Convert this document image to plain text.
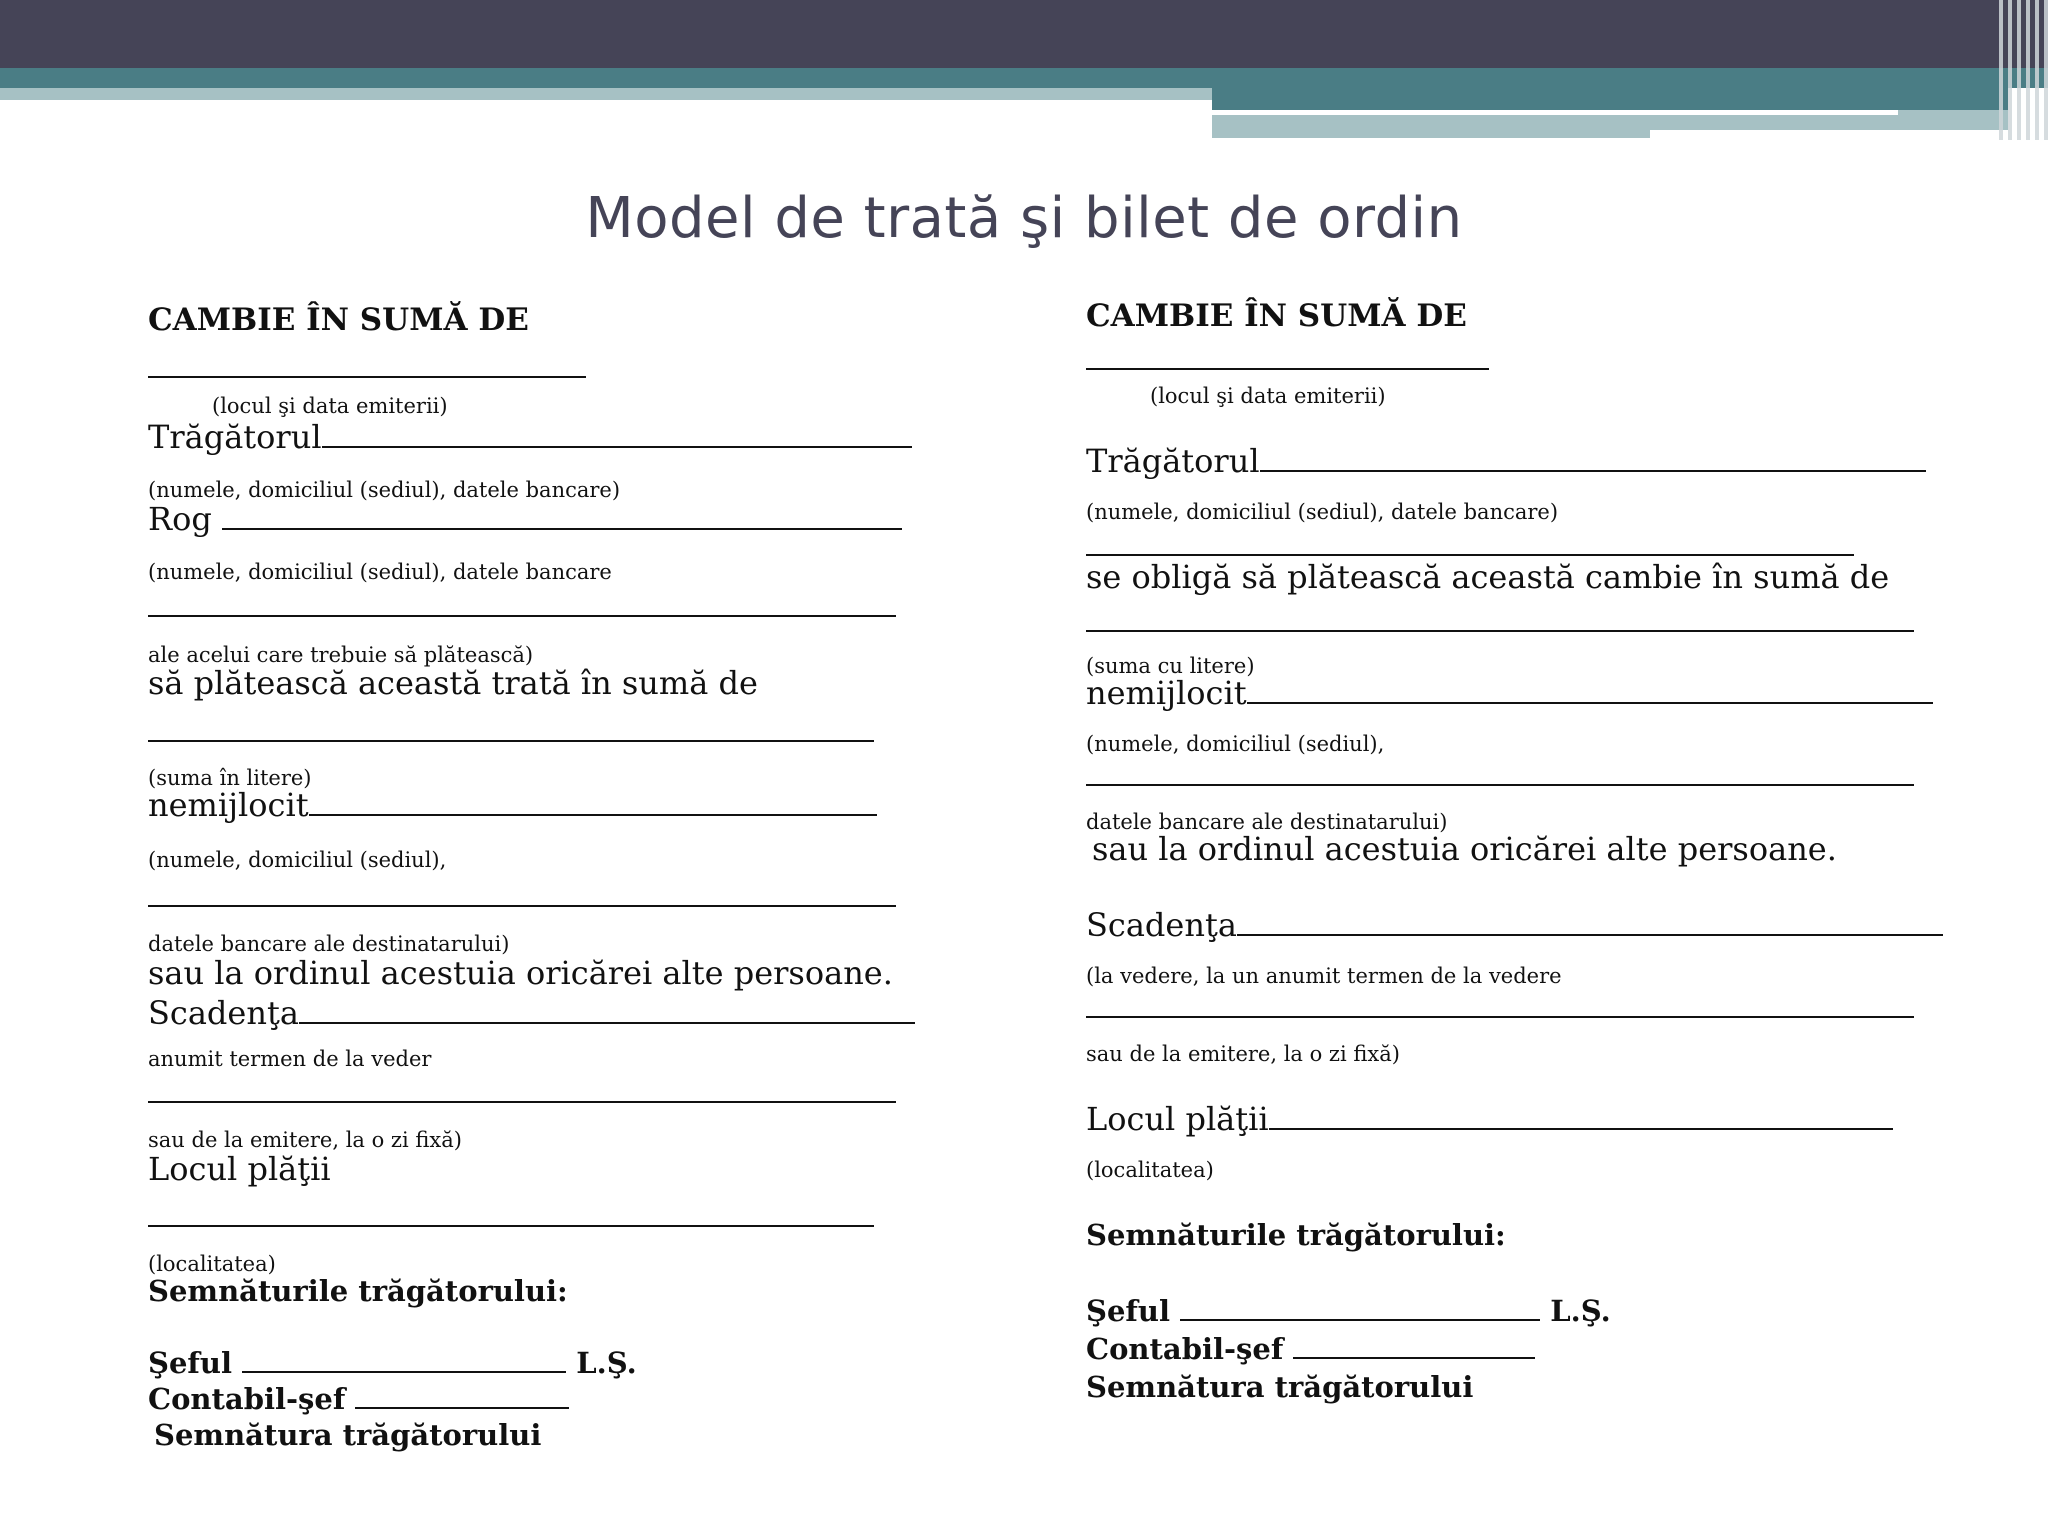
Model de trată şi bilet de ordin
CAMBIE ÎN SUMĂ DE
(locul şi data emiterii)
Trăgătorul
(numele, domiciliul (sediul), datele bancare)
Rog
(numele, domiciliul (sediul), datele bancare
ale acelui care trebuie să plătească)
să plătească această trată în sumă de
(suma în litere)
nemijlocit
(numele, domiciliul (sediul),
datele bancare ale destinatarului)
sau la ordinul acestuia oricărei alte persoane.
Scadenţa
anumit termen de la veder
sau de la emitere, la o zi fixă)
Locul plăţii
(localitatea)
Semnăturile trăgătorului:
Şeful	L.Ş.
Contabil-şef
Semnătura trăgătorului
CAMBIE ÎN SUMĂ DE
(locul şi data emiterii)
Trăgătorul
(numele, domiciliul (sediul), datele bancare)
se obligă să plătească această cambie în sumă de
(suma cu litere)
nemijlocit
(numele, domiciliul (sediul),
datele bancare ale destinatarului)
sau la ordinul acestuia oricărei alte persoane.
Scadenţa
(la vedere, la un anumit termen de la vedere
sau de la emitere, la o zi fixă)
Locul plăţii
(localitatea)
Semnăturile trăgătorului:
Şeful	L.Ş.
Contabil-şef
Semnătura trăgătorului
